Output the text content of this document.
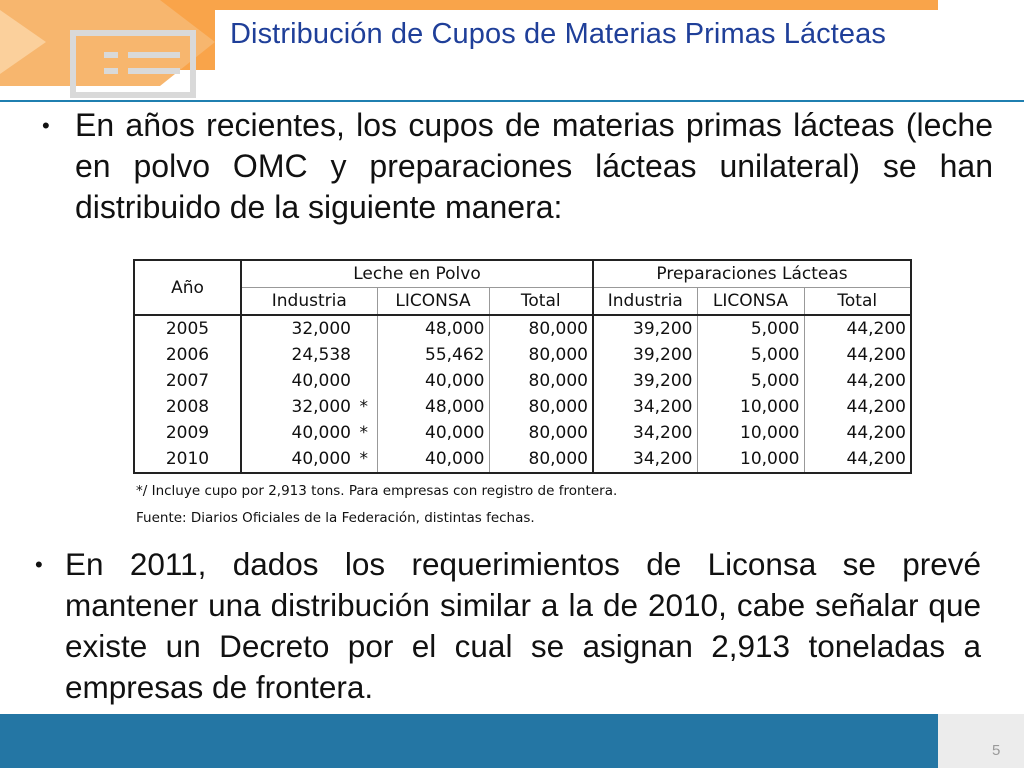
Distribución de Cupos de Materias Primas Lácteas
• En años recientes, los cupos de materias primas lácteas (leche en polvo OMC y preparaciones lácteas unilateral) se han distribuido de la siguiente manera:
Año	Leche en Polvo				Preparaciones Lácteas		
	Industria		LICONSA	Total	Industria	LICONSA	Total
2005	32,000		48,000	80,000	39,200	5,000	44,200
2006	24,538		55,462	80,000	39,200	5,000	44,200
2007	40,000		40,000	80,000	39,200	5,000	44,200
2008	32,000	*	48,000	80,000	34,200	10,000	44,200
2009	40,000	*	40,000	80,000	34,200	10,000	44,200
2010	40,000	*	40,000	80,000	34,200	10,000	44,200
*/ Incluye cupo por 2,913 tons. Para empresas con registro de frontera.
Fuente: Diarios Oficiales de la Federación, distintas fechas.
• En 2011, dados los requerimientos de Liconsa se prevé mantener una distribución similar a la de 2010, cabe señalar que existe un Decreto por el cual se asignan 2,913 toneladas a empresas de frontera.
5
